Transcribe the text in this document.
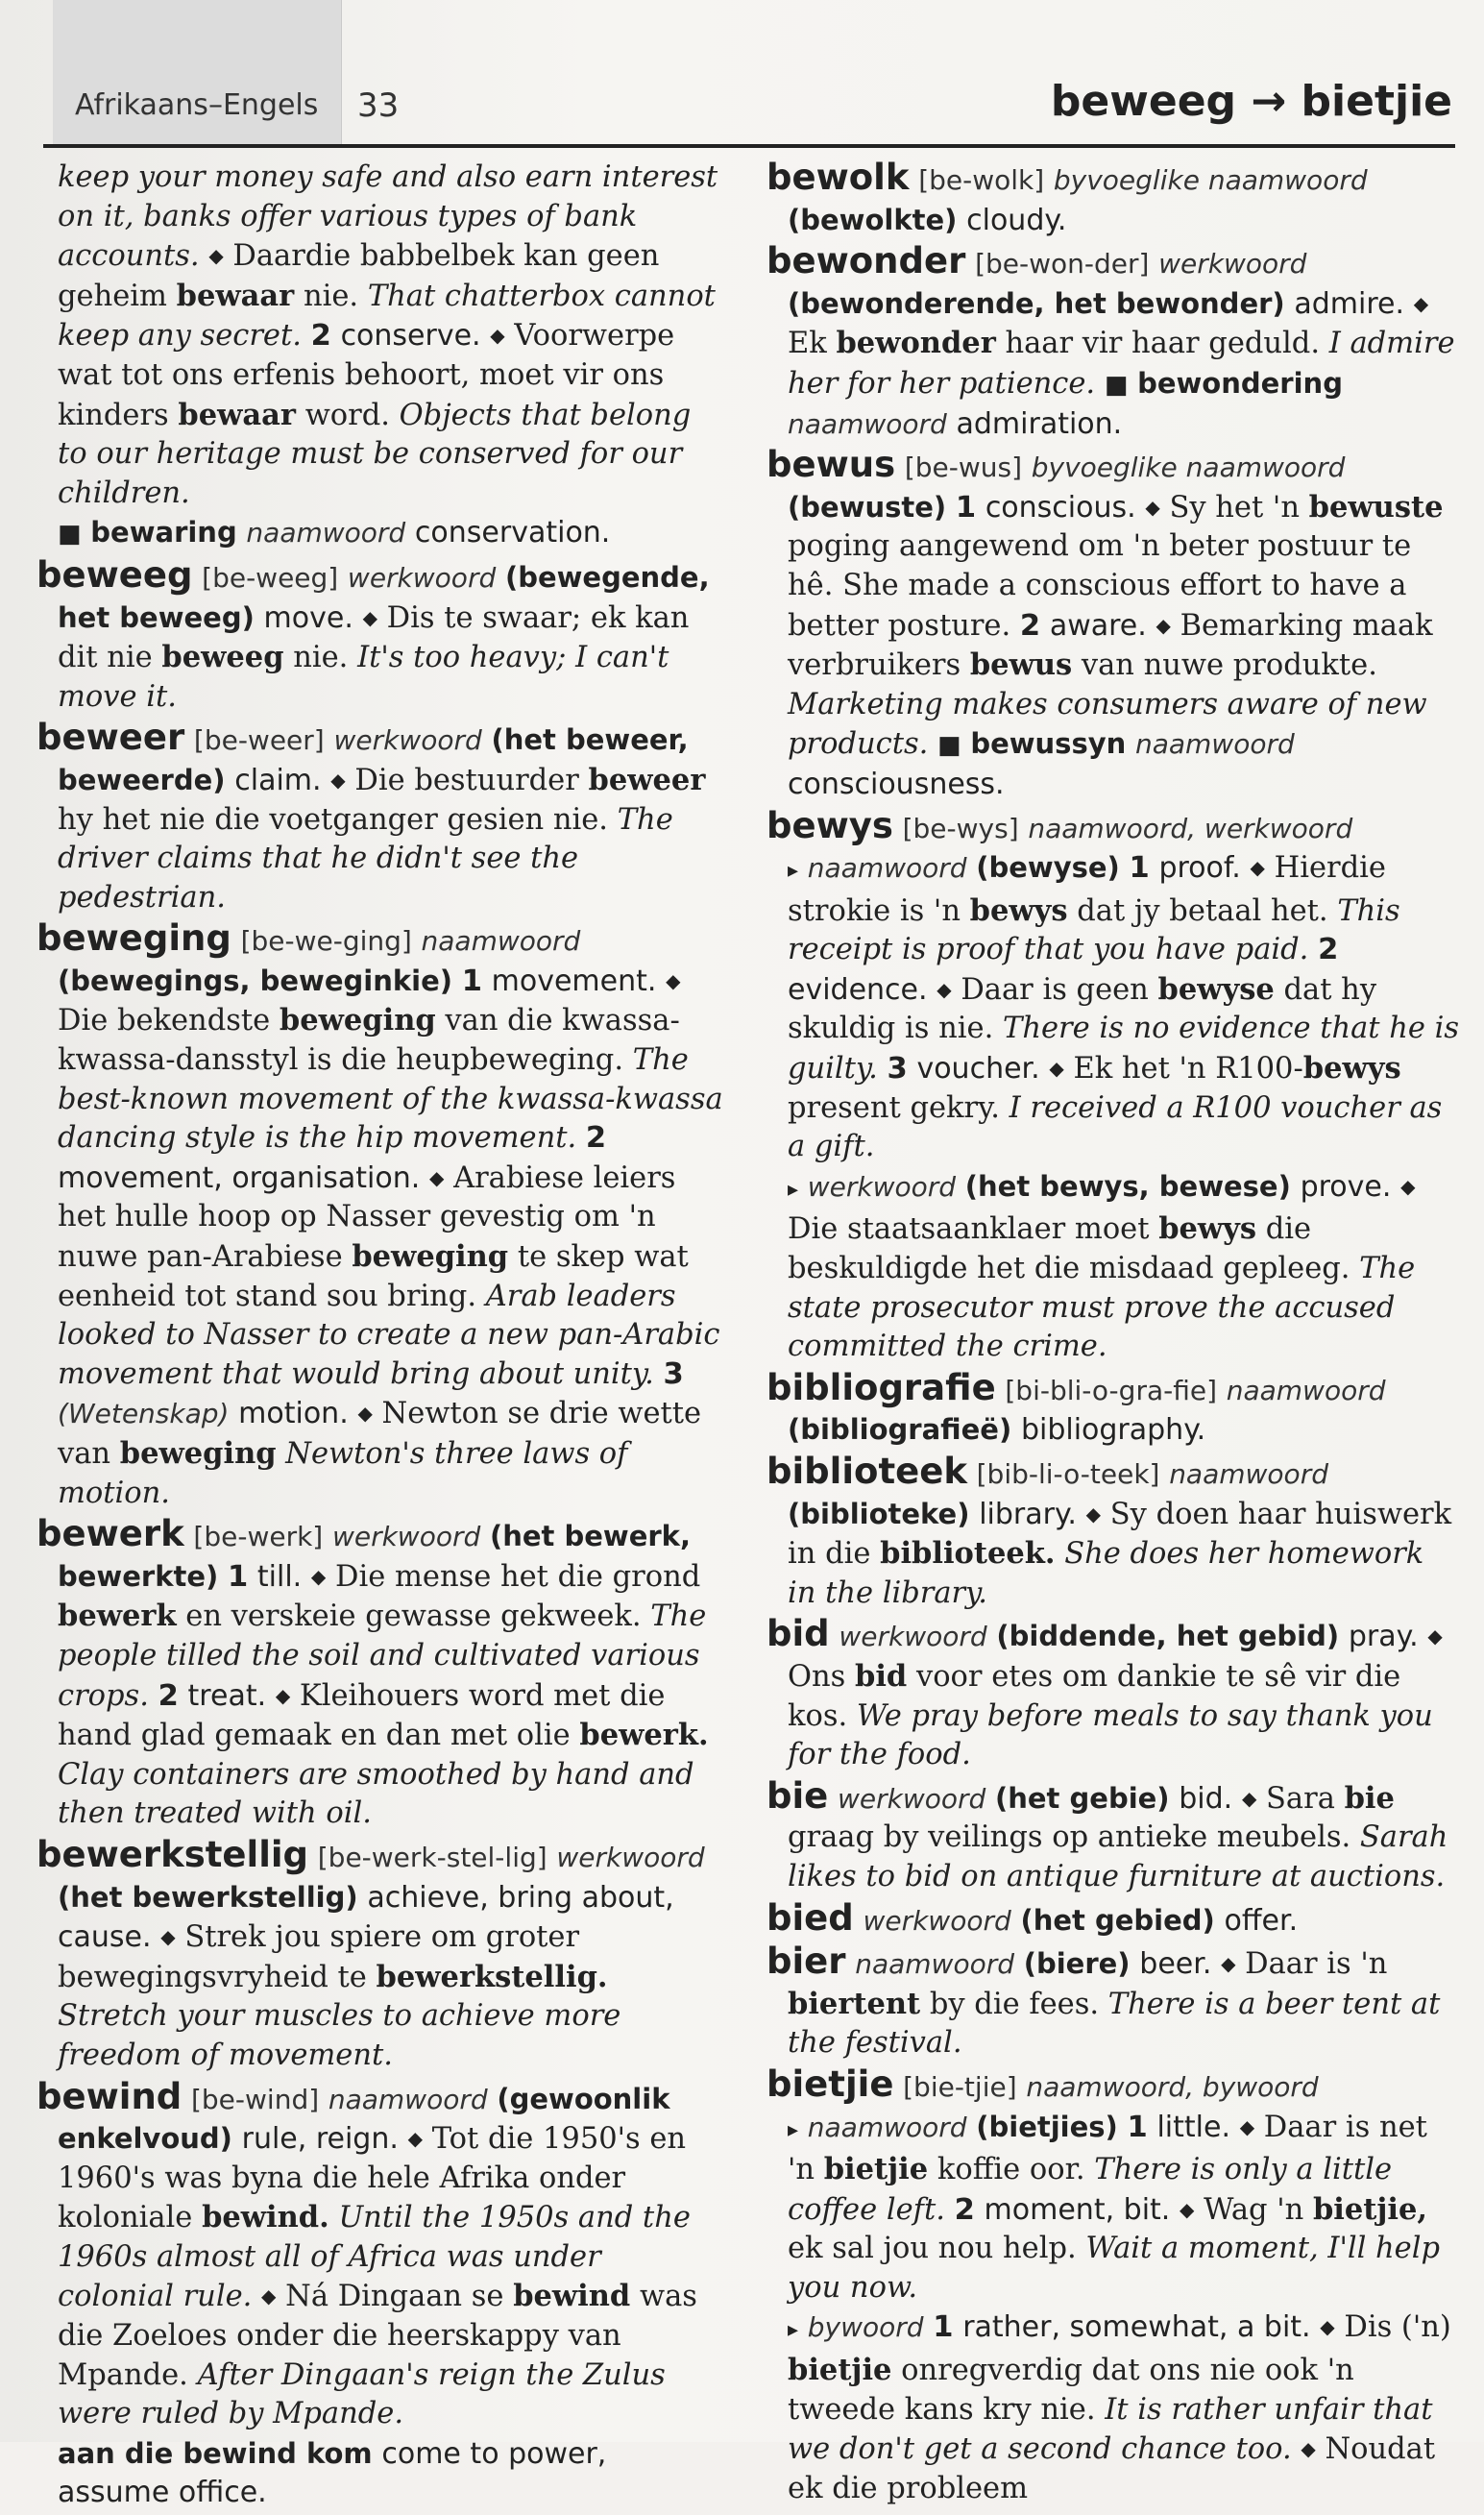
Afrikaans–Engels 33	beweeg → bietjie
keep your money safe and also earn interest on it, banks offer various types of bank accounts. ◆ Daardie babbelbek kan geen geheim bewaar nie. That chatterbox cannot keep any secret. 2 conserve. ◆ Voorwerpe wat tot ons erfenis behoort, moet vir ons kinders bewaar word. Objects that belong to our heritage must be conserved for our children.
■ bewaring naamwoord conservation.
beweeg [be-weeg] werkwoord (bewegende, het beweeg) move. ◆ Dis te swaar; ek kan dit nie beweeg nie. It's too heavy; I can't move it.
beweer [be-weer] werkwoord (het beweer, beweerde) claim. ◆ Die bestuurder beweer hy het nie die voetganger gesien nie. The driver claims that he didn't see the pedestrian.
beweging [be-we-ging] naamwoord (bewegings, beweginkie) 1 movement. ◆ Die bekendste beweging van die kwassa-kwassa-dansstyl is die heupbeweging. The best-known movement of the kwassa-kwassa dancing style is the hip movement. 2 movement, organisation. ◆ Arabiese leiers het hulle hoop op Nasser gevestig om 'n nuwe pan-Arabiese beweging te skep wat eenheid tot stand sou bring. Arab leaders looked to Nasser to create a new pan-Arabic movement that would bring about unity. 3 (Wetenskap) motion. ◆ Newton se drie wette van beweging Newton's three laws of motion.
bewerk [be-werk] werkwoord (het bewerk, bewerkte) 1 till. ◆ Die mense het die grond bewerk en verskeie gewasse gekweek. The people tilled the soil and cultivated various crops. 2 treat. ◆ Kleihouers word met die hand glad gemaak en dan met olie bewerk. Clay containers are smoothed by hand and then treated with oil.
bewerkstellig [be-werk-stel-lig] werkwoord (het bewerkstellig) achieve, bring about, cause. ◆ Strek jou spiere om groter bewegingsvryheid te bewerkstellig. Stretch your muscles to achieve more freedom of movement.
bewind [be-wind] naamwoord (gewoonlik enkelvoud) rule, reign. ◆ Tot die 1950's en 1960's was byna die hele Afrika onder koloniale bewind. Until the 1950s and the 1960s almost all of Africa was under colonial rule. ◆ Ná Dingaan se bewind was die Zoeloes onder die heerskappy van Mpande. After Dingaan's reign the Zulus were ruled by Mpande.
aan die bewind kom come to power, assume office.
bewolk [be-wolk] byvoeglike naamwoord (bewolkte) cloudy.
bewonder [be-won-der] werkwoord (bewonderende, het bewonder) admire. ◆ Ek bewonder haar vir haar geduld. I admire her for her patience. ■ bewondering naamwoord admiration.
bewus [be-wus] byvoeglike naamwoord (bewuste) 1 conscious. ◆ Sy het 'n bewuste poging aangewend om 'n beter postuur te hê. She made a conscious effort to have a better posture. 2 aware. ◆ Bemarking maak verbruikers bewus van nuwe produkte. Marketing makes consumers aware of new products. ■ bewussyn naamwoord consciousness.
bewys [be-wys] naamwoord, werkwoord
▸ naamwoord (bewyse) 1 proof. ◆ Hierdie strokie is 'n bewys dat jy betaal het. This receipt is proof that you have paid. 2 evidence. ◆ Daar is geen bewyse dat hy skuldig is nie. There is no evidence that he is guilty. 3 voucher. ◆ Ek het 'n R100-bewys present gekry. I received a R100 voucher as a gift.
▸ werkwoord (het bewys, bewese) prove. ◆ Die staatsaanklaer moet bewys die beskuldigde het die misdaad gepleeg. The state prosecutor must prove the accused committed the crime.
bibliografie [bi-bli-o-gra-fie] naamwoord (bibliografieë) bibliography.
biblioteek [bib-li-o-teek] naamwoord (biblioteke) library. ◆ Sy doen haar huiswerk in die biblioteek. She does her homework in the library.
bid werkwoord (biddende, het gebid) pray. ◆ Ons bid voor etes om dankie te sê vir die kos. We pray before meals to say thank you for the food.
bie werkwoord (het gebie) bid. ◆ Sara bie graag by veilings op antieke meubels. Sarah likes to bid on antique furniture at auctions.
bied werkwoord (het gebied) offer.
bier naamwoord (biere) beer. ◆ Daar is 'n biertent by die fees. There is a beer tent at the festival.
bietjie [bie-tjie] naamwoord, bywoord
▸ naamwoord (bietjies) 1 little. ◆ Daar is net 'n bietjie koffie oor. There is only a little coffee left. 2 moment, bit. ◆ Wag 'n bietjie, ek sal jou nou help. Wait a moment, I'll help you now.
▸ bywoord 1 rather, somewhat, a bit. ◆ Dis ('n) bietjie onregverdig dat ons nie ook 'n tweede kans kry nie. It is rather unfair that we don't get a second chance too. ◆ Noudat ek die probleem
